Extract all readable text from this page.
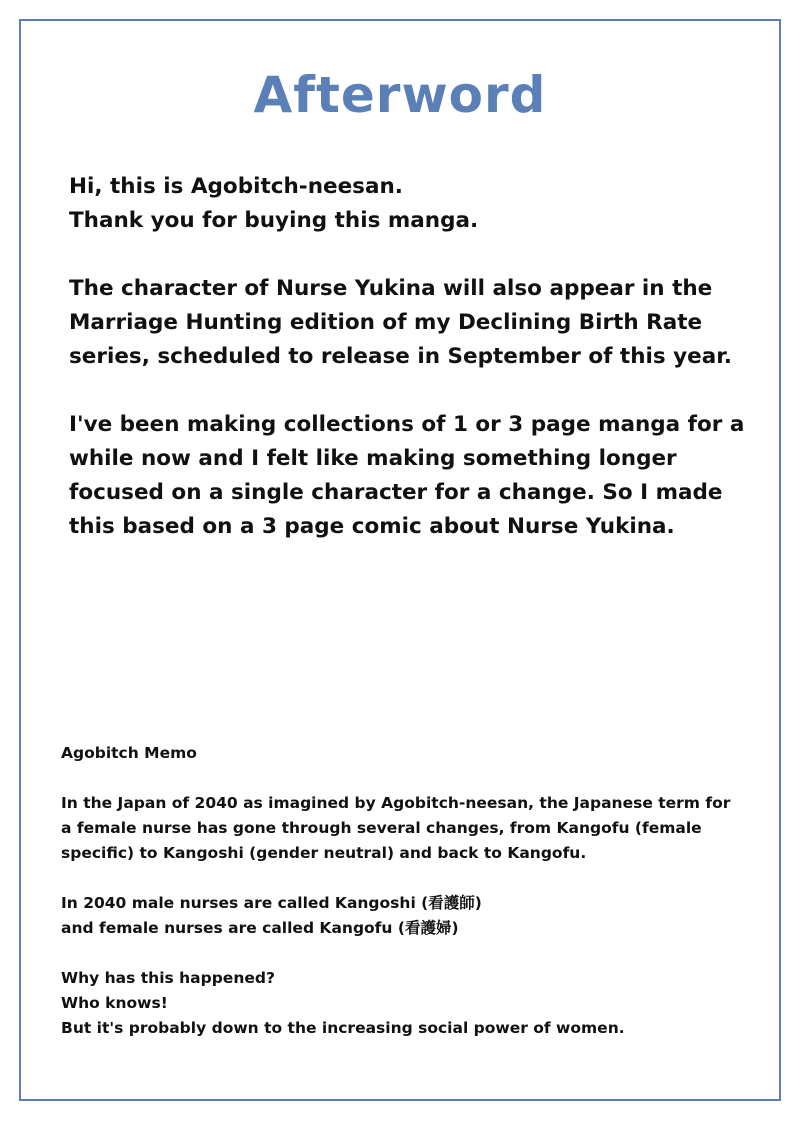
Afterword

Hi, this is Agobitch-neesan.
Thank you for buying this manga.

The character of Nurse Yukina will also appear in the
Marriage Hunting edition of my Declining Birth Rate
series, scheduled to release in September of this year.

I've been making collections of 1 or 3 page manga for a
while now and I felt like making something longer
focused on a single character for a change. So I made
this based on a 3 page comic about Nurse Yukina.

Agobitch Memo

In the Japan of 2040 as imagined by Agobitch-neesan, the Japanese term for
a female nurse has gone through several changes, from Kangofu (female
specific) to Kangoshi (gender neutral) and back to Kangofu.

In 2040 male nurses are called Kangoshi (看護師)
and female nurses are called Kangofu (看護婦)

Why has this happened?
Who knows!
But it's probably down to the increasing social power of women.
